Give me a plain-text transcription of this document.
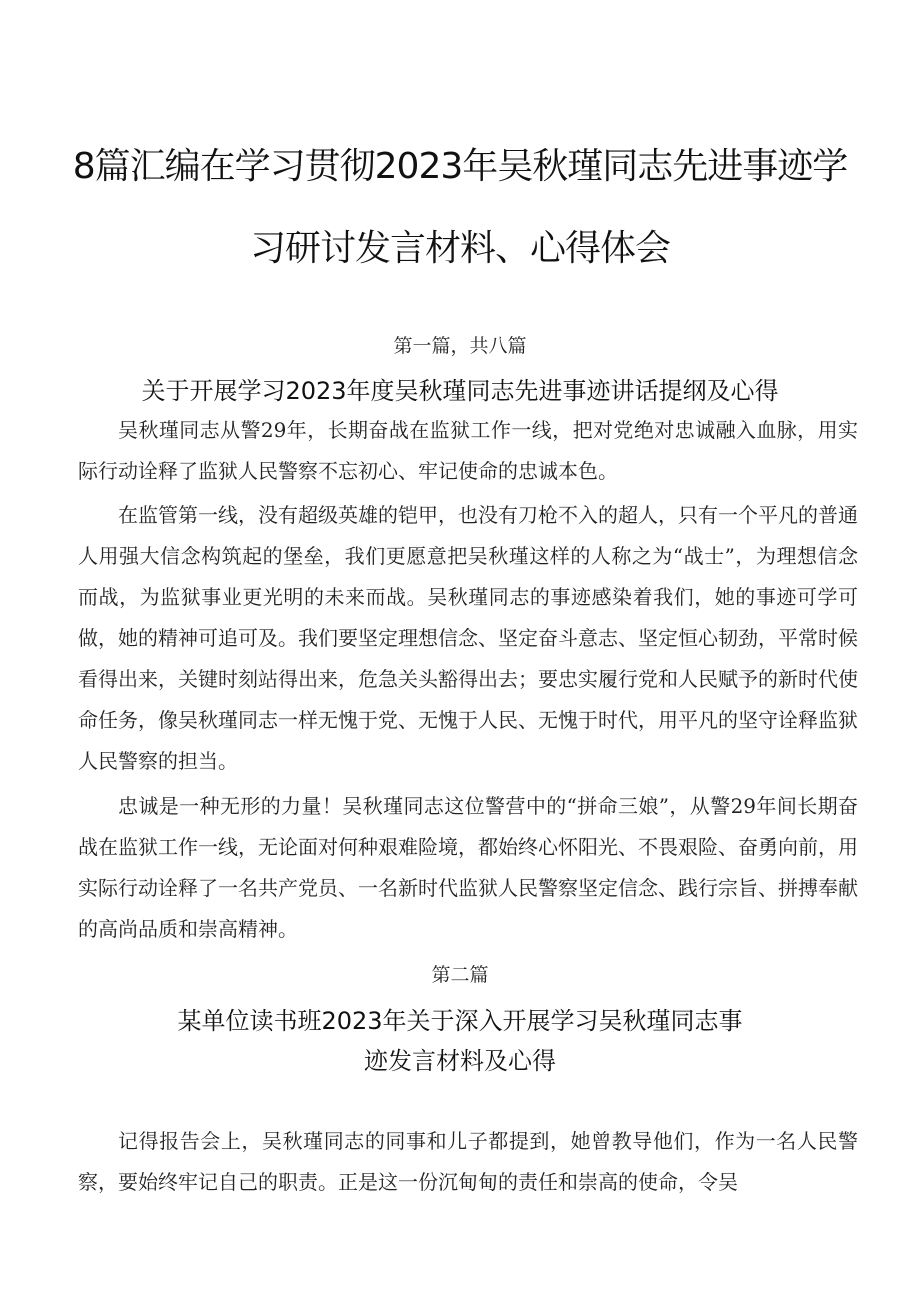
8篇汇编在学习贯彻2023年吴秋瑾同志先进事迹学
习研讨发言材料、心得体会
第一篇，共八篇
关于开展学习2023年度吴秋瑾同志先进事迹讲话提纲及心得

吴秋瑾同志从警29年，长期奋战在监狱工作一线，把对党绝对忠诚融入血脉，用实际行动诠释了监狱人民警察不忘初心、牢记使命的忠诚本色。

在监管第一线，没有超级英雄的铠甲，也没有刀枪不入的超人，只有一个平凡的普通人用强大信念构筑起的堡垒，我们更愿意把吴秋瑾这样的人称之为“战士”，为理想信念而战，为监狱事业更光明的未来而战。吴秋瑾同志的事迹感染着我们，她的事迹可学可做，她的精神可追可及。我们要坚定理想信念、坚定奋斗意志、坚定恒心韧劲，平常时候看得出来，关键时刻站得出来，危急关头豁得出去；要忠实履行党和人民赋予的新时代使命任务，像吴秋瑾同志一样无愧于党、无愧于人民、无愧于时代，用平凡的坚守诠释监狱人民警察的担当。

忠诚是一种无形的力量！吴秋瑾同志这位警营中的“拼命三娘”，从警29年间长期奋战在监狱工作一线，无论面对何种艰难险境，都始终心怀阳光、不畏艰险、奋勇向前，用实际行动诠释了一名共产党员、一名新时代监狱人民警察坚定信念、践行宗旨、拼搏奉献的高尚品质和崇高精神。

第二篇
某单位读书班2023年关于深入开展学习吴秋瑾同志事
迹发言材料及心得

记得报告会上，吴秋瑾同志的同事和儿子都提到，她曾教导他们，作为一名人民警察，要始终牢记自己的职责。正是这一份沉甸甸的责任和崇高的使命，令吴
